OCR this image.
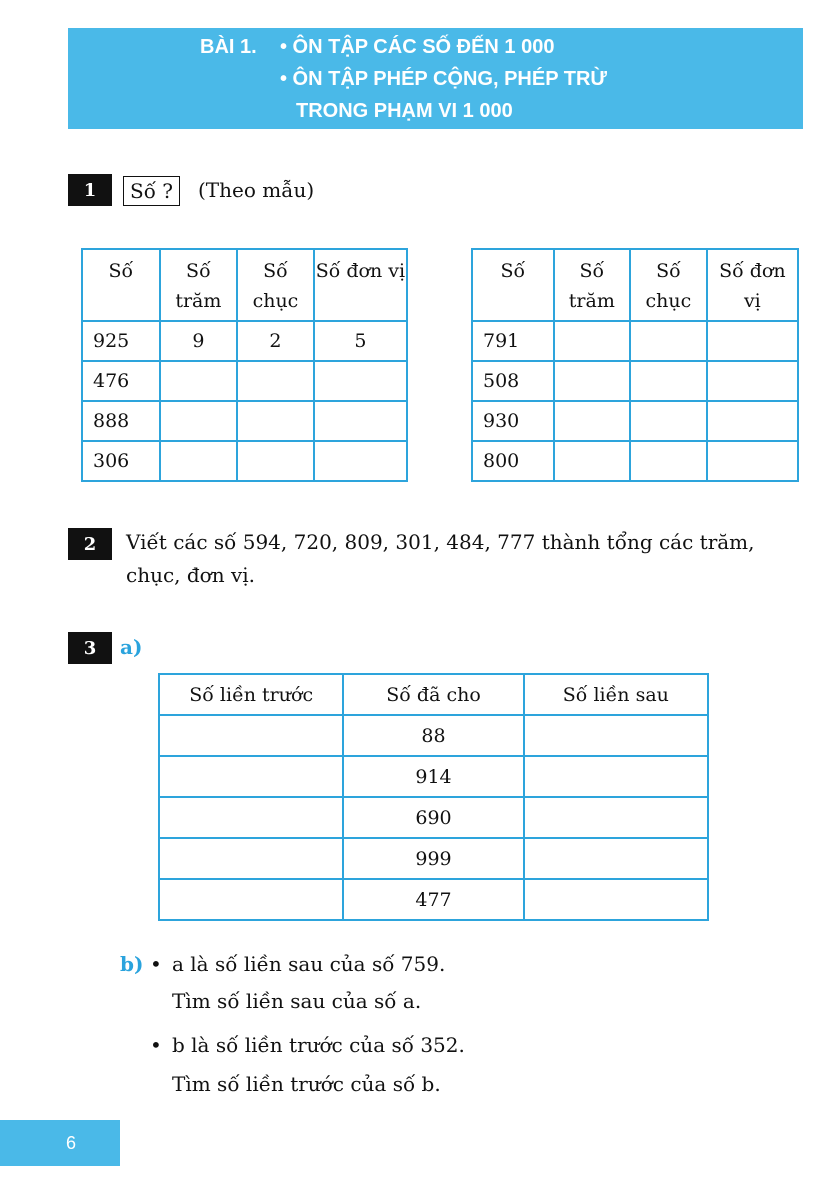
BÀI 1. • ÔN TẬP CÁC SỐ ĐẾN 1 000
• ÔN TẬP PHÉP CỘNG, PHÉP TRỪ
TRONG PHẠM VI 1 000
1	Số ?	(Theo mẫu)
Số	Số trăm	Số chục	Số đơn vị
925	9	2	5
476			
888			
306			
Số	Số trăm	Số chục	Số đơn vị
791			
508			
930			
800			
2	Viết các số 594, 720, 809, 301, 484, 777 thành tổng các trăm,
chục, đơn vị.
3	a)
Số liền trước	Số đã cho	Số liền sau
	88	
	914	
	690	
	999	
	477	
b) • a là số liền sau của số 759.
Tìm số liền sau của số a.
• b là số liền trước của số 352.
Tìm số liền trước của số b.
6
